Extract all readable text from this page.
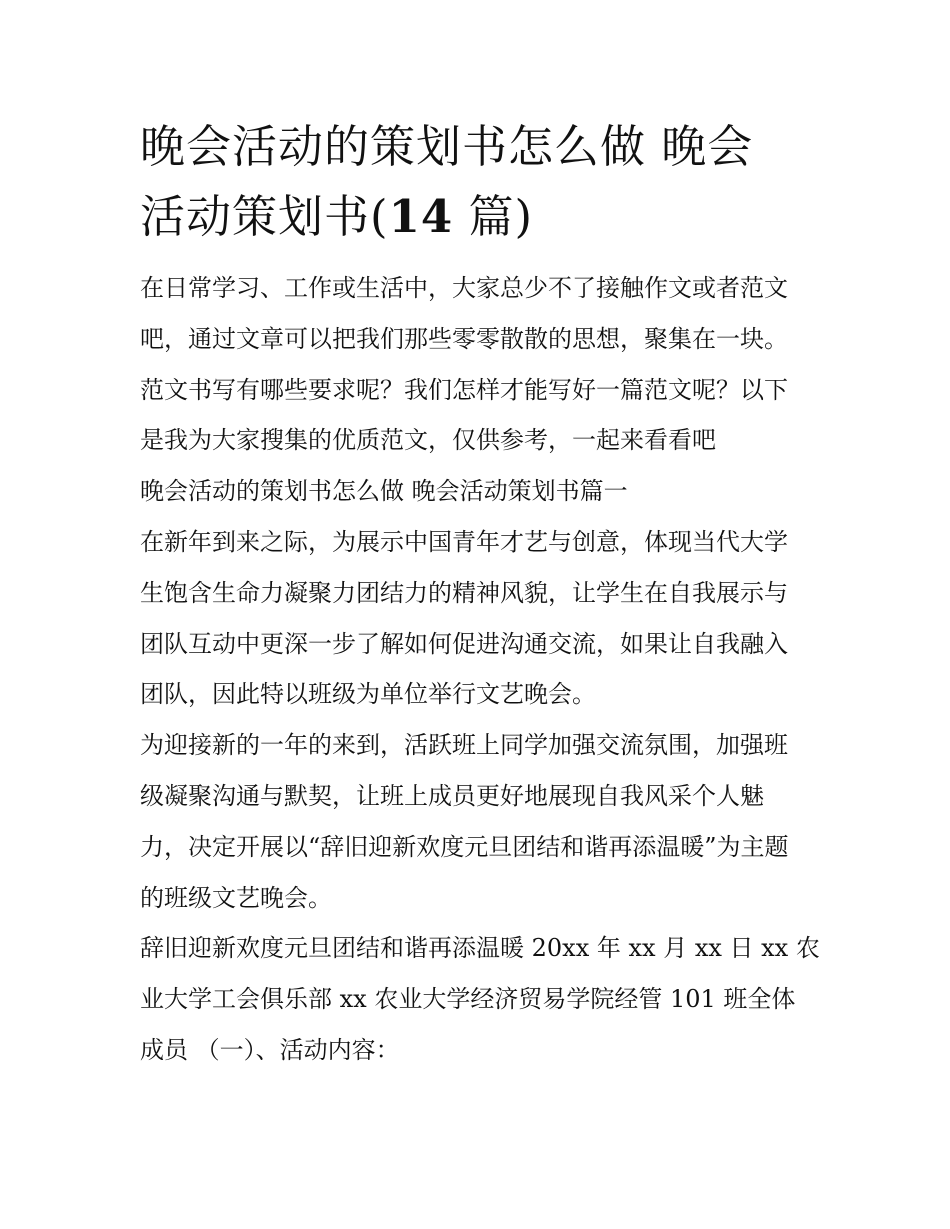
晚会活动的策划书怎么做 晚会
活动策划书(14 篇)
在日常学习、工作或生活中，大家总少不了接触作文或者范文
吧，通过文章可以把我们那些零零散散的思想，聚集在一块。
范文书写有哪些要求呢？我们怎样才能写好一篇范文呢？以下
是我为大家搜集的优质范文，仅供参考，一起来看看吧
晚会活动的策划书怎么做 晚会活动策划书篇一
在新年到来之际，为展示中国青年才艺与创意，体现当代大学
生饱含生命力凝聚力团结力的精神风貌，让学生在自我展示与
团队互动中更深一步了解如何促进沟通交流，如果让自我融入
团队，因此特以班级为单位举行文艺晚会。
为迎接新的一年的来到，活跃班上同学加强交流氛围，加强班
级凝聚沟通与默契，让班上成员更好地展现自我风采个人魅
力，决定开展以“辞旧迎新欢度元旦团结和谐再添温暖”为主题
的班级文艺晚会。
辞旧迎新欢度元旦团结和谐再添温暖 20xx 年 xx 月 xx 日 xx 农
业大学工会俱乐部 xx 农业大学经济贸易学院经管 101 班全体
成员 （一）、活动内容：
